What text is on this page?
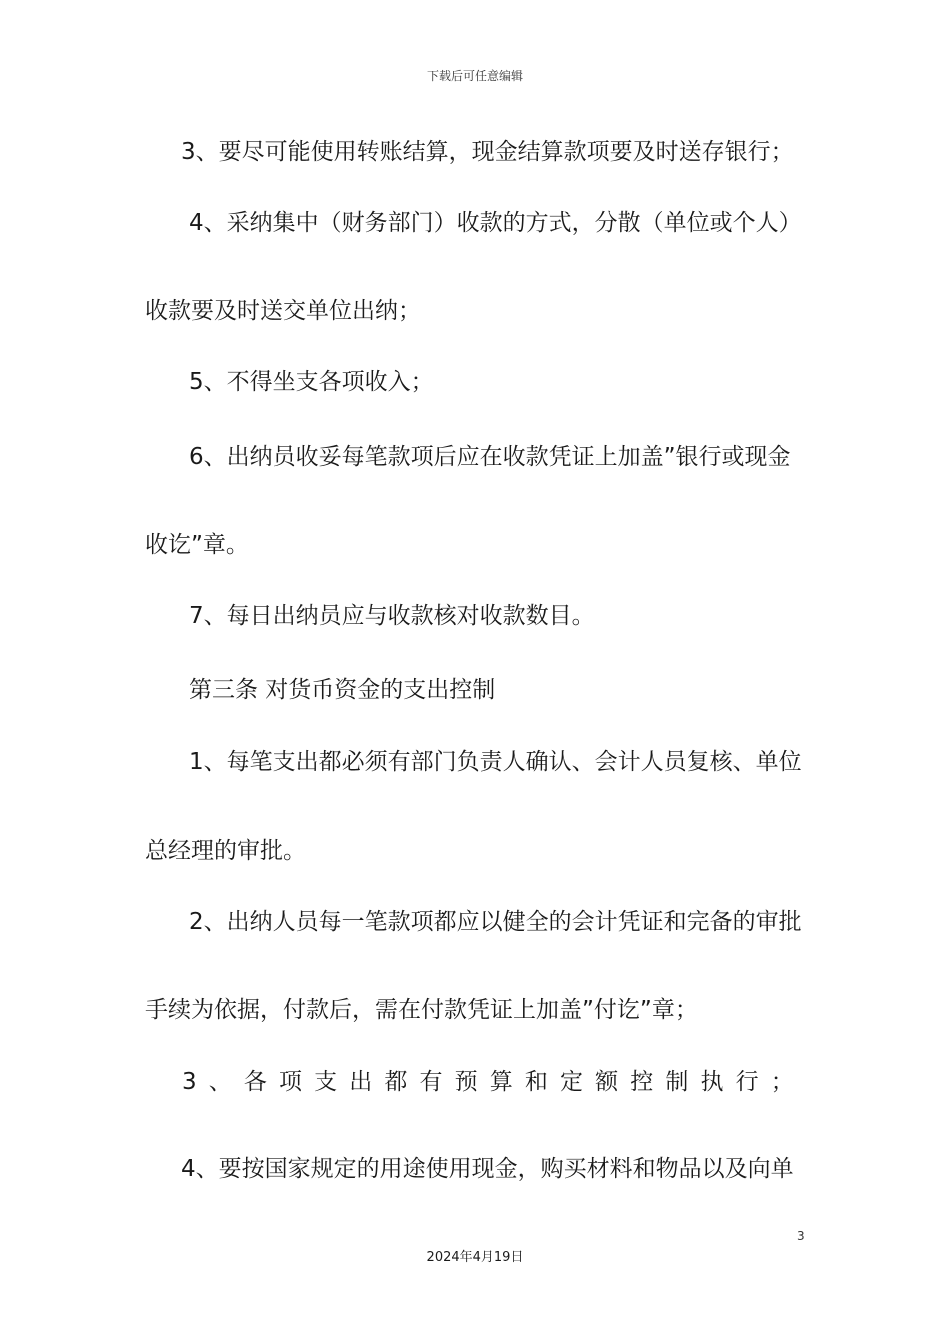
下载后可任意编辑
3、要尽可能使用转账结算，现金结算款项要及时送存银行；
4、采纳集中（财务部门）收款的方式，分散（单位或个人）
收款要及时送交单位出纳；
5、不得坐支各项收入；
6、出纳员收妥每笔款项后应在收款凭证上加盖”银行或现金
收讫”章。
7、每日出纳员应与收款核对收款数目。
第三条 对货币资金的支出控制
1、每笔支出都必须有部门负责人确认、会计人员复核、单位
总经理的审批。
2、出纳人员每一笔款项都应以健全的会计凭证和完备的审批
手续为依据，付款后，需在付款凭证上加盖”付讫”章；
3 、 各 项 支 出 都 有 预 算 和 定 额 控 制 执 行 ；
4、要按国家规定的用途使用现金，购买材料和物品以及向单
3
2024年4月19日
